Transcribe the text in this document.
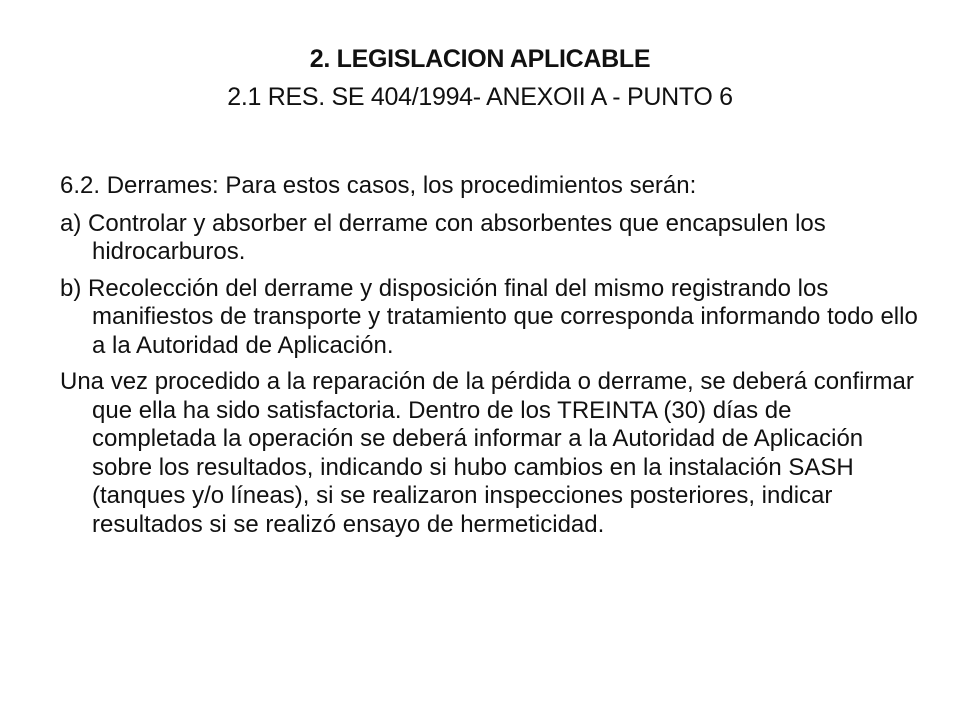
2. LEGISLACION APLICABLE
2.1 RES. SE 404/1994- ANEXOII A - PUNTO 6

6.2. Derrames: Para estos casos, los procedimientos serán:

a) Controlar y absorber el derrame con absorbentes que encapsulen los hidrocarburos.

b) Recolección del derrame y disposición final del mismo registrando los manifiestos de transporte y tratamiento que corresponda informando todo ello a la Autoridad de Aplicación.

Una vez procedido a la reparación de la pérdida o derrame, se deberá confirmar que ella ha sido satisfactoria. Dentro de los TREINTA (30) días de completada la operación se deberá informar a la Autoridad de Aplicación sobre los resultados, indicando si hubo cambios en la instalación SASH (tanques y/o líneas), si se realizaron inspecciones posteriores, indicar resultados si se realizó ensayo de hermeticidad.
